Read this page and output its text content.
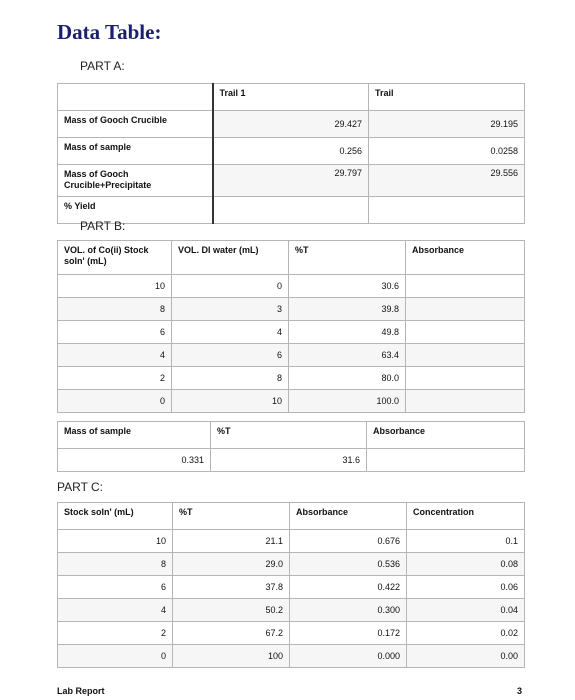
Data Table:
PART A:
	Trail 1	Trail
Mass of Gooch Crucible	29.427	29.195
Mass of sample	0.256	0.0258
Mass of Gooch Crucible+Precipitate	29.797	29.556
% Yield		
PART B:
VOL. of Co(ii) Stock soln' (mL)	VOL. DI water (mL)	%T	Absorbance
10	0	30.6	
8	3	39.8	
6	4	49.8	
4	6	63.4	
2	8	80.0	
0	10	100.0	
Mass of sample	%T	Absorbance
0.331	31.6	
PART C:
Stock soln' (mL)	%T	Absorbance	Concentration
10	21.1	0.676	0.1
8	29.0	0.536	0.08
6	37.8	0.422	0.06
4	50.2	0.300	0.04
2	67.2	0.172	0.02
0	100	0.000	0.00
Lab Report	3
